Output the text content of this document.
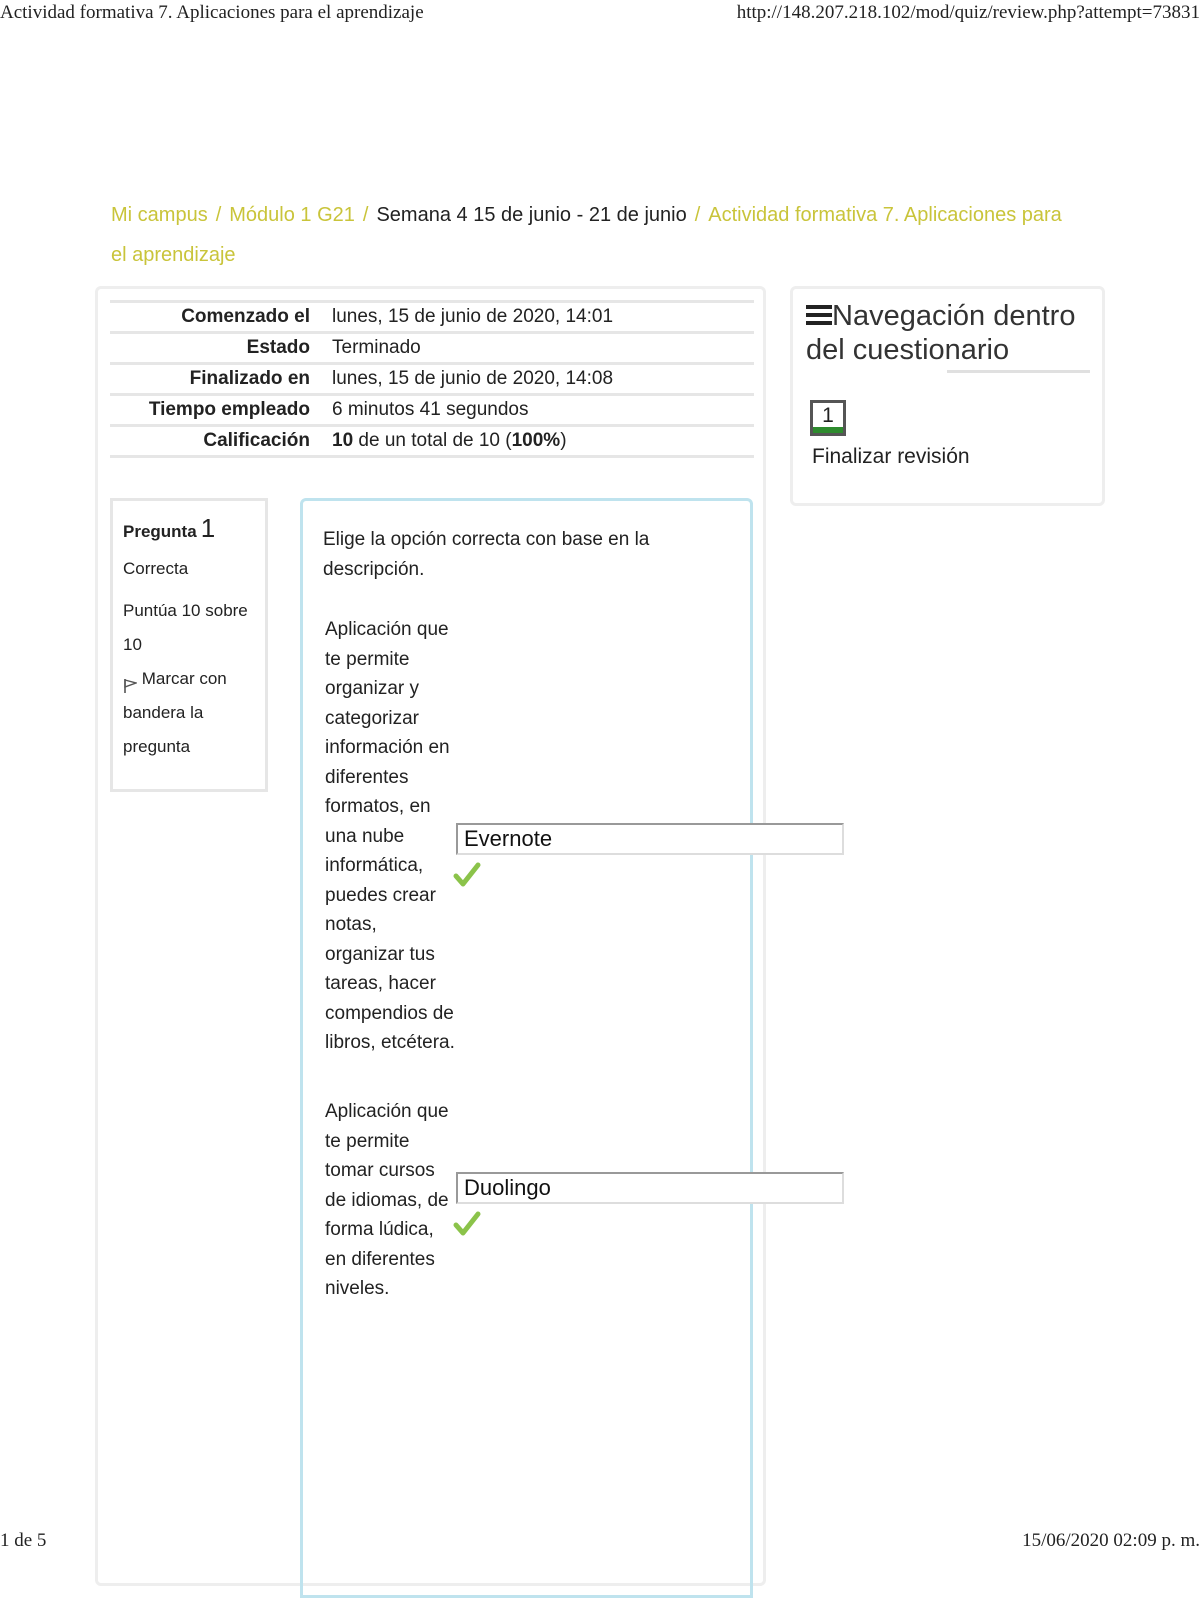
Actividad formativa 7. Aplicaciones para el aprendizaje	http://148.207.218.102/mod/quiz/review.php?attempt=73831
Mi campus / Módulo 1 G21 / Semana 4 15 de junio - 21 de junio / Actividad formativa 7. Aplicaciones para el aprendizaje
Comenzado el	lunes, 15 de junio de 2020, 14:01
Estado	Terminado
Finalizado en	lunes, 15 de junio de 2020, 14:08
Tiempo empleado	6 minutos 41 segundos
Calificación	10 de un total de 10 (100%)
Pregunta 1

Correcta

Puntúa 10 sobre 10

Marcar con bandera la pregunta

Elige la opción correcta con base en la descripción.
Aplicación que te permite organizar y categorizar información en diferentes formatos, en una nube informática, puedes crear notas, organizar tus tareas, hacer compendios de libros, etcétera.
Evernote
Aplicación que te permite tomar cursos de idiomas, de forma lúdica, en diferentes niveles.
Duolingo
Navegación dentro del cuestionario
1
Finalizar revisión
1 de 5	15/06/2020 02:09 p. m.
